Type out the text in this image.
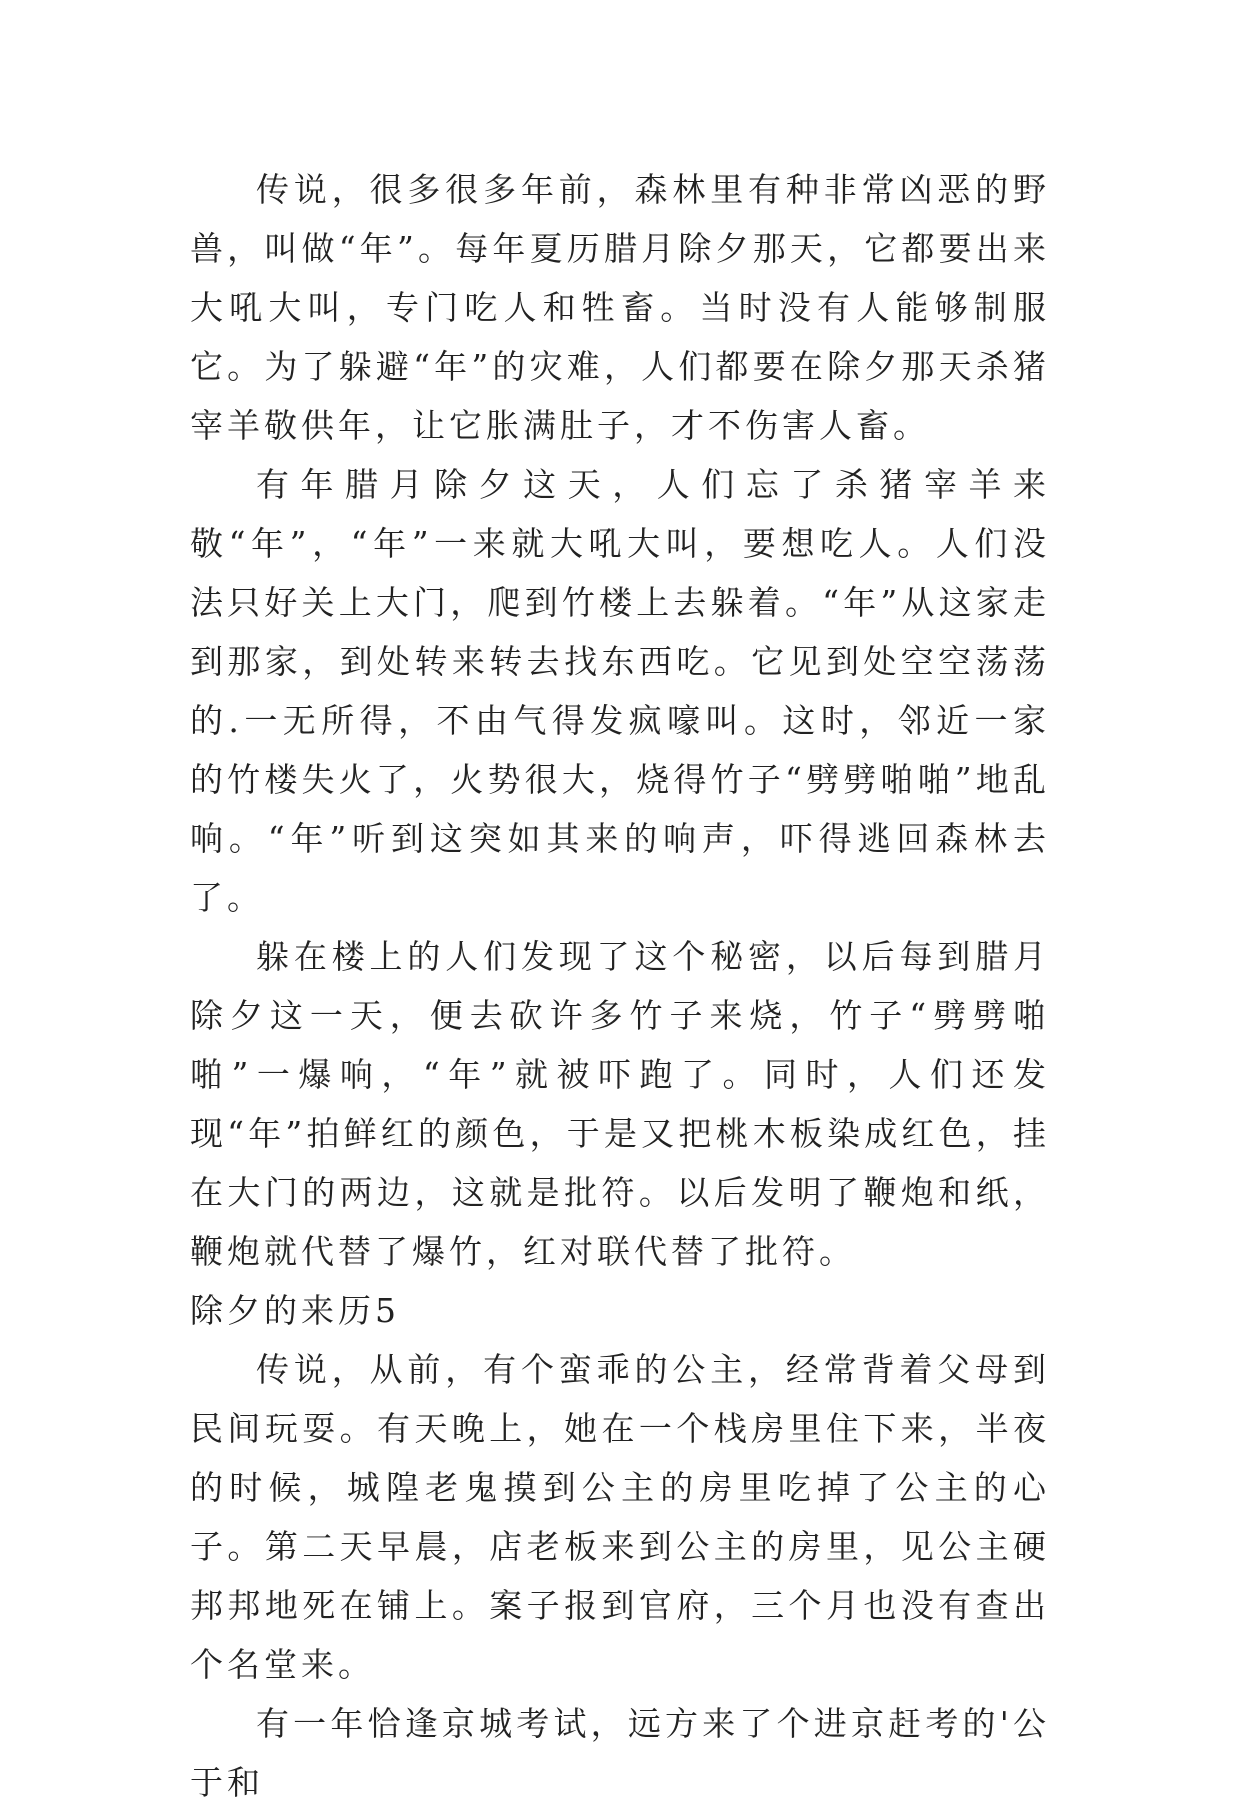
传说，很多很多年前，森林里有种非常凶恶的野兽，叫做“年”。每年夏历腊月除夕那天，它都要出来大吼大叫，专门吃人和牲畜。当时没有人能够制服它。为了躲避“年”的灾难，人们都要在除夕那天杀猪宰羊敬供年，让它胀满肚子，才不伤害人畜。

有年腊月除夕这天，人们忘了杀猪宰羊来敬“年”，“年”一来就大吼大叫，要想吃人。人们没法只好关上大门，爬到竹楼上去躲着。“年”从这家走到那家，到处转来转去找东西吃。它见到处空空荡荡的.一无所得，不由气得发疯嚎叫。这时，邻近一家的竹楼失火了，火势很大，烧得竹子“劈劈啪啪”地乱响。“年”听到这突如其来的响声，吓得逃回森林去了。

躲在楼上的人们发现了这个秘密，以后每到腊月除夕这一天，便去砍许多竹子来烧，竹子“劈劈啪啪”一爆响，“年”就被吓跑了。同时，人们还发现“年”拍鲜红的颜色，于是又把桃木板染成红色，挂在大门的两边，这就是批符。以后发明了鞭炮和纸，鞭炮就代替了爆竹，红对联代替了批符。

除夕的来历5

传说，从前，有个蛮乖的公主，经常背着父母到民间玩耍。有天晚上，她在一个栈房里住下来，半夜的时候，城隍老鬼摸到公主的房里吃掉了公主的心子。第二天早晨，店老板来到公主的房里，见公主硬邦邦地死在铺上。案子报到官府，三个月也没有查出个名堂来。

有一年恰逢京城考试，远方来了个进京赶考的'公于和
